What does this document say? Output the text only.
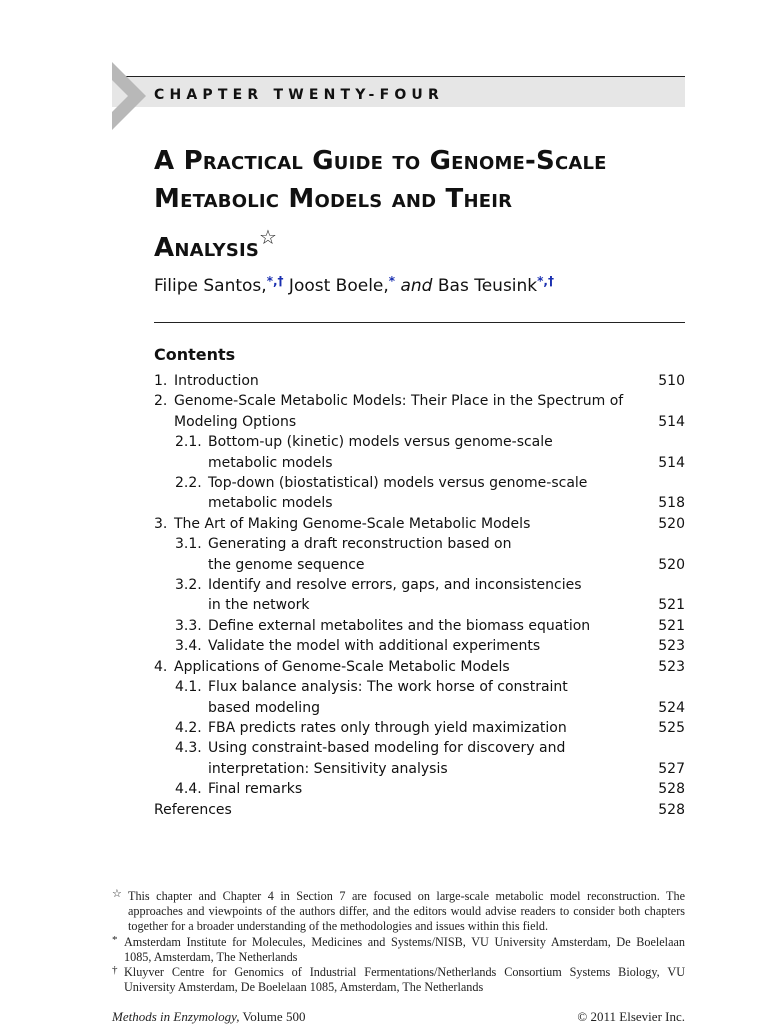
CHAPTER TWENTY-FOUR
A Practical Guide to Genome-Scale
Metabolic Models and Their
Analysis☆
Filipe Santos,*,† Joost Boele,* and Bas Teusink*,†
Contents
1. Introduction	510
2. Genome-Scale Metabolic Models: Their Place in the Spectrum of Modeling Options	514
2.1. Bottom-up (kinetic) models versus genome-scale metabolic models	514
2.2. Top-down (biostatistical) models versus genome-scale metabolic models	518
3. The Art of Making Genome-Scale Metabolic Models	520
3.1. Generating a draft reconstruction based on the genome sequence	520
3.2. Identify and resolve errors, gaps, and inconsistencies in the network	521
3.3. Define external metabolites and the biomass equation	521
3.4. Validate the model with additional experiments	523
4. Applications of Genome-Scale Metabolic Models	523
4.1. Flux balance analysis: The work horse of constraint based modeling	524
4.2. FBA predicts rates only through yield maximization	525
4.3. Using constraint-based modeling for discovery and interpretation: Sensitivity analysis	527
4.4. Final remarks	528
References	528
☆ This chapter and Chapter 4 in Section 7 are focused on large-scale metabolic model reconstruction. The approaches and viewpoints of the authors differ, and the editors would advise readers to consider both chapters together for a broader understanding of the methodologies and issues within this field.
* Amsterdam Institute for Molecules, Medicines and Systems/NISB, VU University Amsterdam, De Boelelaan 1085, Amsterdam, The Netherlands
† Kluyver Centre for Genomics of Industrial Fermentations/Netherlands Consortium Systems Biology, VU University Amsterdam, De Boelelaan 1085, Amsterdam, The Netherlands
Methods in Enzymology, Volume 500	© 2011 Elsevier Inc.
